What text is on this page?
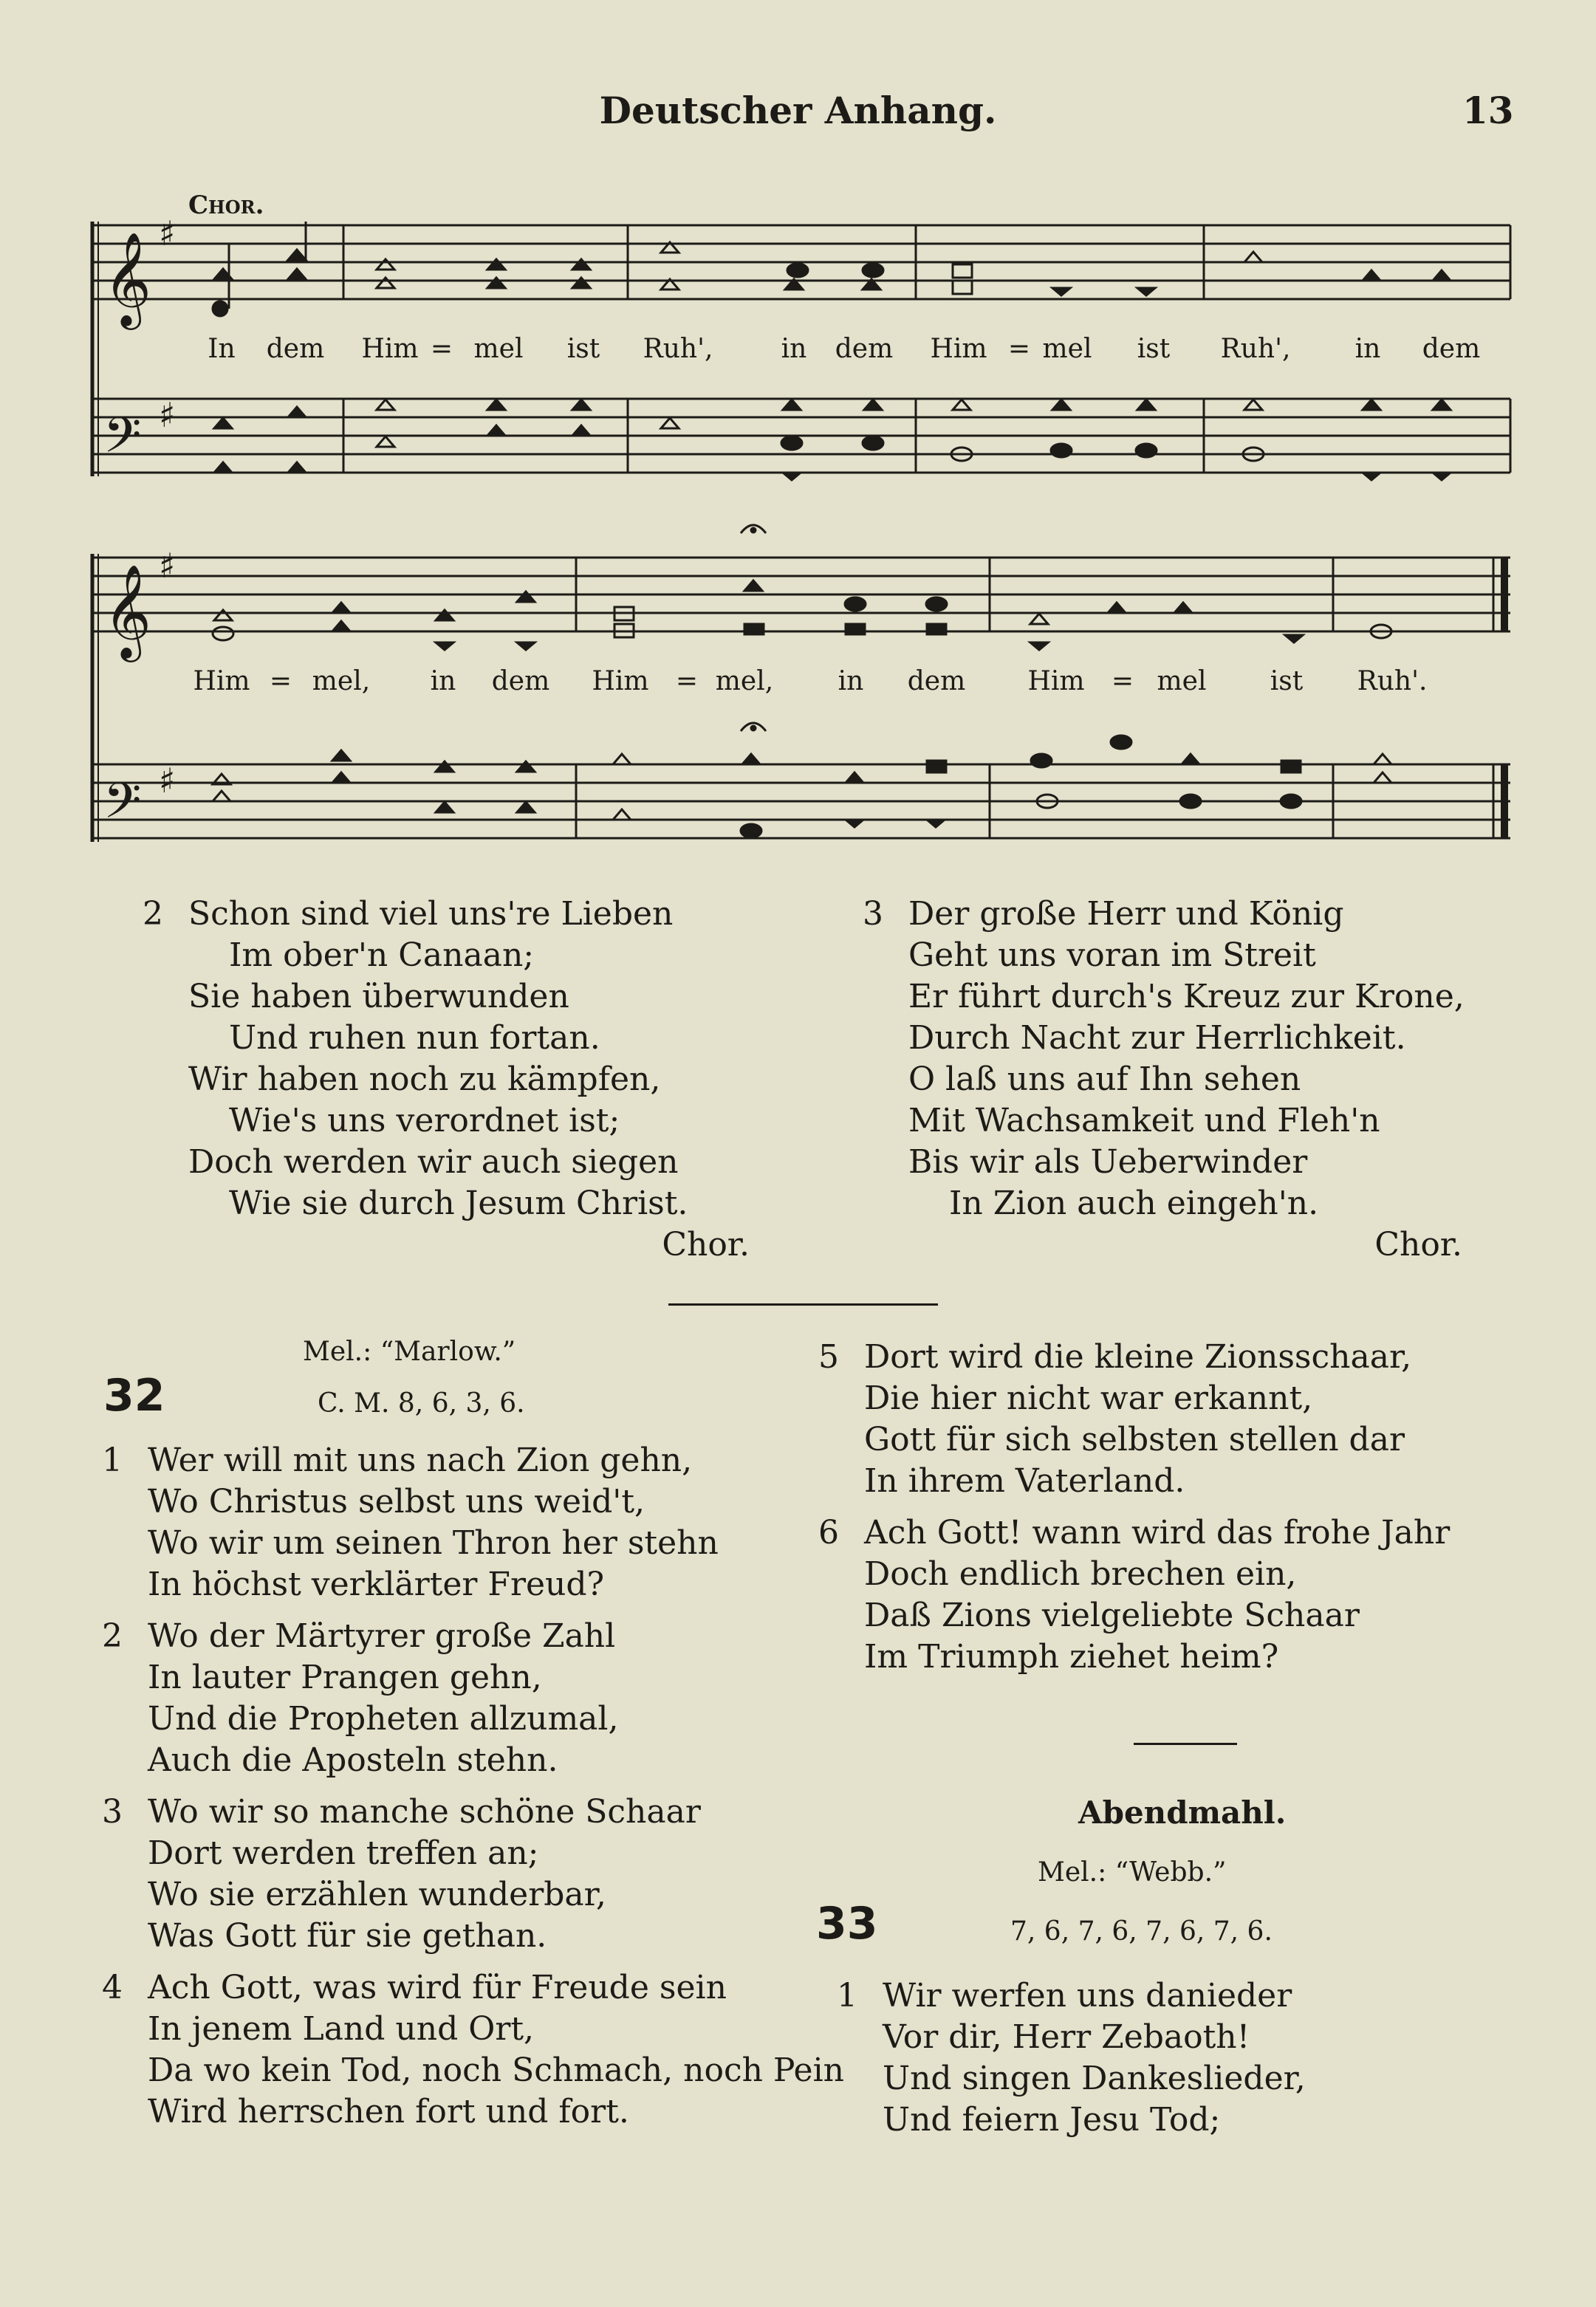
Deutscher Anhang.	13
Chor.
𝄞
𝄢
𝄞
𝄢
♯
♯
♯
♯
In dem Him = mel ist Ruh',	in dem Him = mel ist Ruh', in dem
Him = mel, in dem Him = mel, in dem Him = mel ist Ruh'.
2 Schon sind viel uns're Lieben
Im ober'n Canaan;
Sie haben überwunden
Und ruhen nun fortan.
Wir haben noch zu kämpfen,
Wie's uns verordnet ist;
Doch werden wir auch siegen
Wie sie durch Jesum Christ.
Chor.
3 Der große Herr und König
Geht uns voran im Streit
Er führt durch's Kreuz zur Krone,
Durch Nacht zur Herrlichkeit.
O laß uns auf Ihn sehen
Mit Wachsamkeit und Fleh'n
Bis wir als Ueberwinder
In Zion auch eingeh'n.
Chor.
32
Mel.: “Marlow.”
C. M. 8, 6, 3, 6.
1 Wer will mit uns nach Zion gehn,
Wo Christus selbst uns weid't,
Wo wir um seinen Thron her stehn
In höchst verklärter Freud?
2 Wo der Märtyrer große Zahl
In lauter Prangen gehn,
Und die Propheten allzumal,
Auch die Aposteln stehn.
3 Wo wir so manche schöne Schaar
Dort werden treffen an;
Wo sie erzählen wunderbar,
Was Gott für sie gethan.
4 Ach Gott, was wird für Freude sein
In jenem Land und Ort,
Da wo kein Tod, noch Schmach, noch Pein
Wird herrschen fort und fort.
5 Dort wird die kleine Zionsschaar,
Die hier nicht war erkannt,
Gott für sich selbsten stellen dar
In ihrem Vaterland.
6 Ach Gott! wann wird das frohe Jahr
Doch endlich brechen ein,
Daß Zions vielgeliebte Schaar
Im Triumph ziehet heim?
Abendmahl.
Mel.: “Webb.”
33	7, 6, 7, 6, 7, 6, 7, 6.
1 Wir werfen uns danieder
Vor dir, Herr Zebaoth!
Und singen Dankeslieder,
Und feiern Jesu Tod;
